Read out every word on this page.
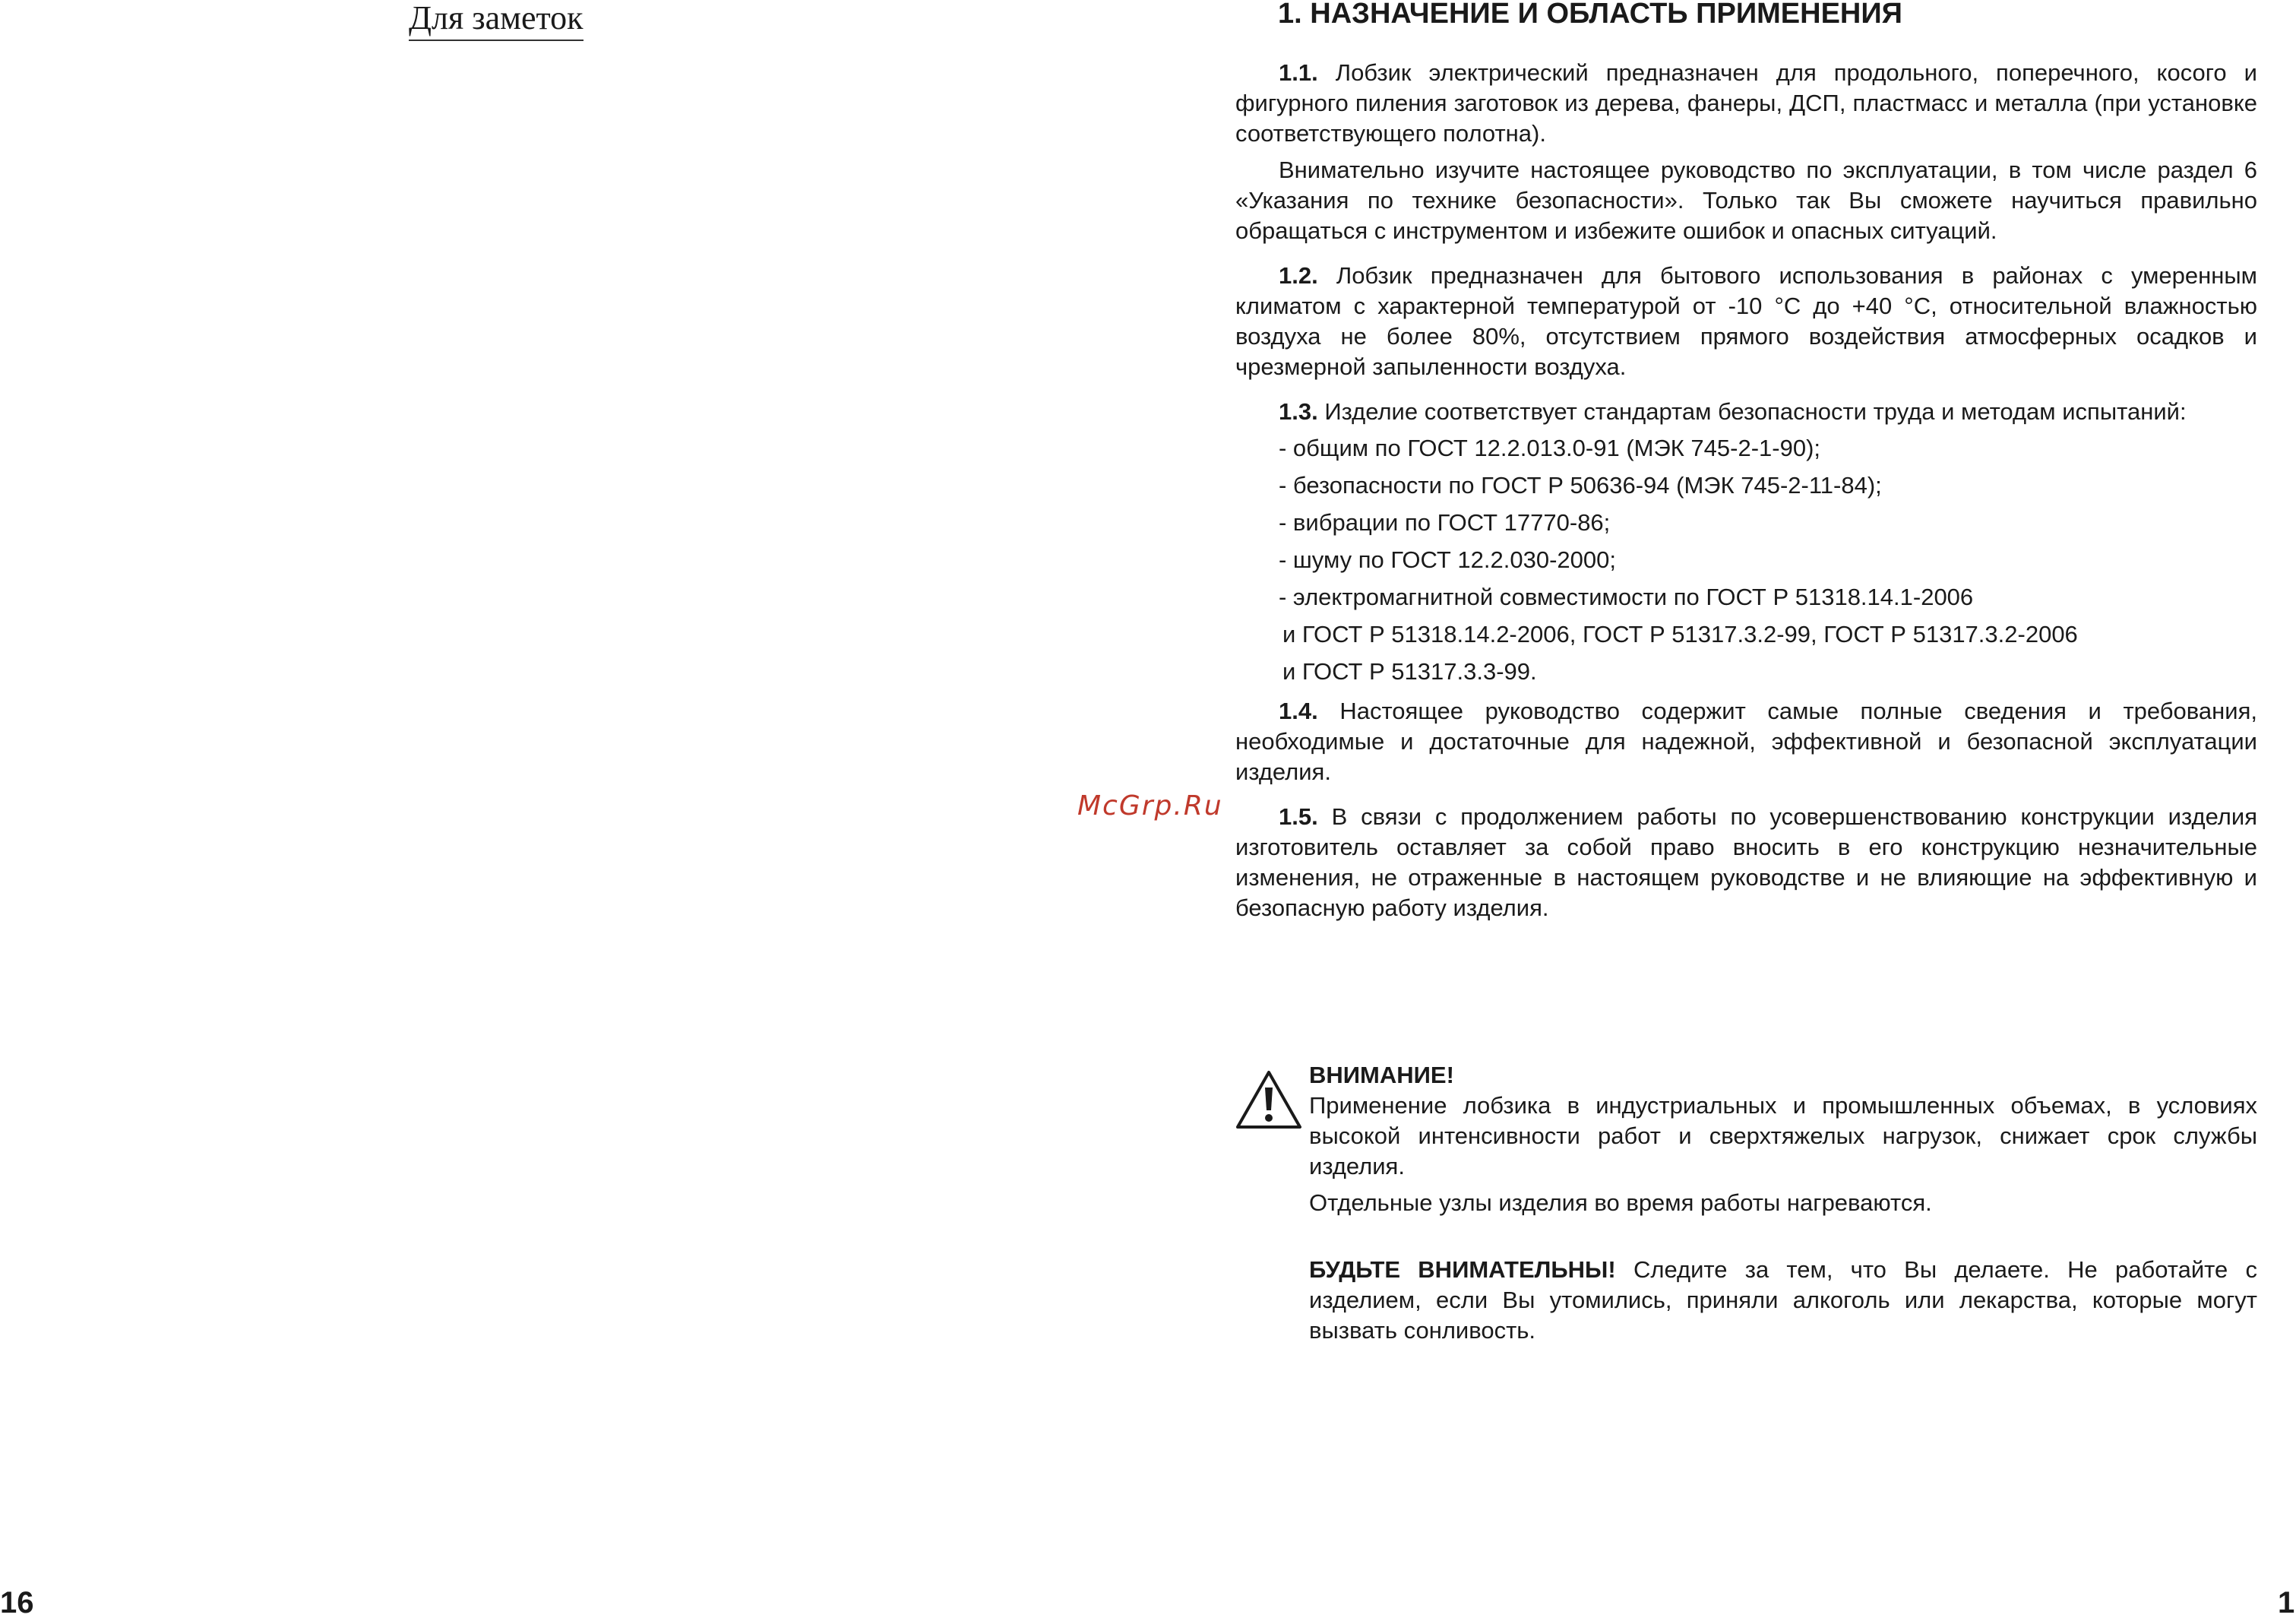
Для заметок
16
McGrp.Ru
1. НАЗНАЧЕНИЕ И ОБЛАСТЬ ПРИМЕНЕНИЯ

1.1. Лобзик электрический предназначен для продольного, поперечного, косого и фигурного пиления заготовок из дерева, фанеры, ДСП, пластмасс и металла (при установке соответствующего полотна).

Внимательно изучите настоящее руководство по эксплуатации, в том числе раздел 6 «Указания по технике безопасности». Только так Вы сможете научиться правильно обращаться с инструментом и избежите ошибок и опасных ситуаций.

1.2. Лобзик предназначен для бытового использования в районах с умеренным климатом с характерной температурой от -10 °С до +40 °С, относительной влажностью воздуха не более 80%, отсутствием прямого воздействия атмосферных осадков и чрезмерной запыленности воздуха.

1.3. Изделие соответствует стандартам безопасности труда и методам испытаний:

- общим по ГОСТ 12.2.013.0-91 (МЭК 745-2-1-90);
- безопасности по ГОСТ Р 50636-94 (МЭК 745-2-11-84);
- вибрации по ГОСТ 17770-86;
- шуму по ГОСТ 12.2.030-2000;
- электромагнитной совместимости по ГОСТ Р 51318.14.1-2006
и ГОСТ Р 51318.14.2-2006, ГОСТ Р 51317.3.2-99, ГОСТ Р 51317.3.2-2006
и ГОСТ Р 51317.3.3-99.

1.4. Настоящее руководство содержит самые полные сведения и требования, необходимые и достаточные для надежной, эффективной и безопасной эксплуатации изделия.

1.5. В связи с продолжением работы по усовершенствованию конструкции изделия изготовитель оставляет за собой право вносить в его конструкцию незначительные изменения, не отраженные в настоящем руководстве и не влияющие на эффективную и безопасную работу изделия.

ВНИМАНИЕ!

Применение лобзика в индустриальных и промышленных объемах, в условиях высокой интенсивности работ и сверхтяжелых нагрузок, снижает срок службы изделия.

Отдельные узлы изделия во время работы нагреваются.

БУДЬТЕ ВНИМАТЕЛЬНЫ! Следите за тем, что Вы делаете. Не работайте с изделием, если Вы утомились, приняли алкоголь или лекарства, которые могут вызвать сонливость.

1
